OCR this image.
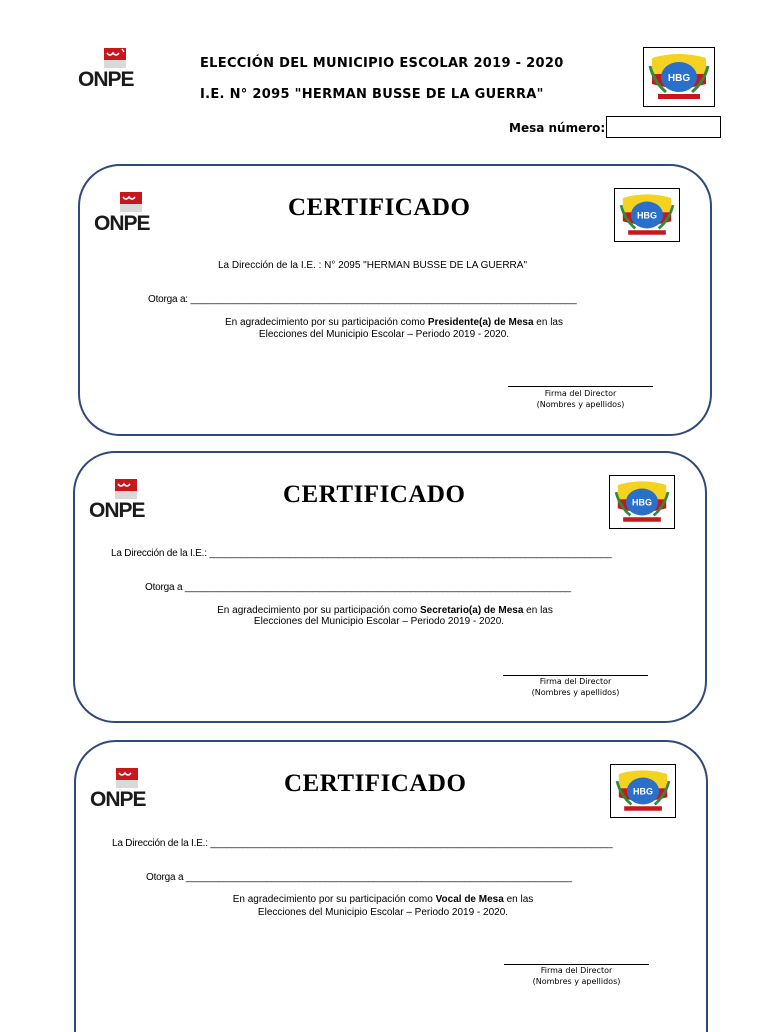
ONPE
ELECCIÓN DEL MUNICIPIO ESCOLAR 2019 - 2020
I.E. N° 2095 "HERMAN BUSSE DE LA GUERRA"
HBG
Mesa número:
ONPE
CERTIFICADO	HBG
La Dirección de la I.E. : N° 2095 "HERMAN BUSSE DE LA GUERRA"
Otorga a: ________________________________________________________________________
En agradecimiento por su participación como Presidente(a) de Mesa en las
Elecciones del Municipio Escolar – Periodo 2019 - 2020.
Firma del Director
(Nombres y apellidos)
ONPE
CERTIFICADO	HBG
La Dirección de la I.E.: ___________________________________________________________________________
Otorga a ________________________________________________________________________
En agradecimiento por su participación como Secretario(a) de Mesa en las
Elecciones del Municipio Escolar – Periodo 2019 - 2020.
Firma del Director
(Nombres y apellidos)
ONPE
CERTIFICADO	HBG
La Dirección de la I.E.: ___________________________________________________________________________
Otorga a ________________________________________________________________________
En agradecimiento por su participación como Vocal de Mesa en las
Elecciones del Municipio Escolar – Periodo 2019 - 2020.
Firma del Director
(Nombres y apellidos)
